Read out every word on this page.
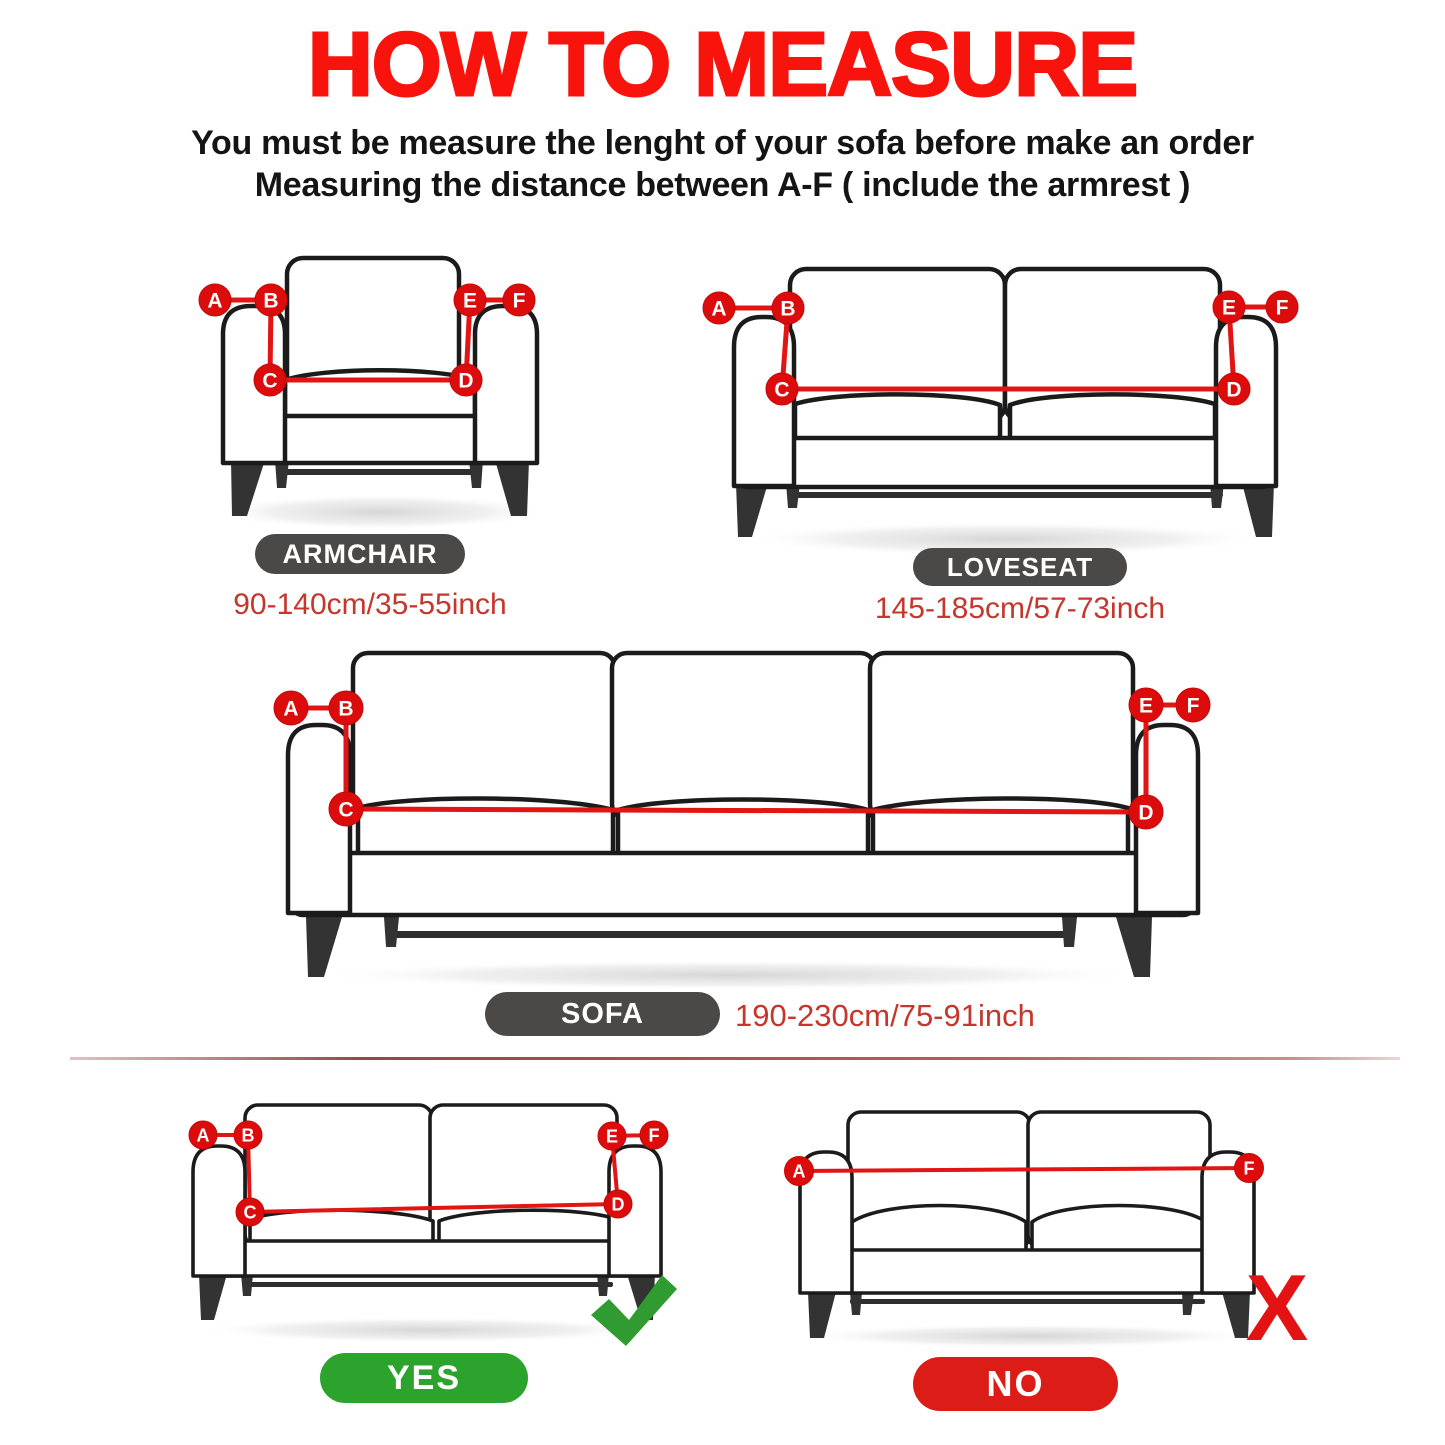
HOW TO MEASURE
You must be measure the lenght of your sofa before make an order
Measuring the distance between A-F ( include the armrest )
A B
C	D
E F	A	B
C	D
E F
A B
C	D
E F
A B
C	D
E F
A	F
X
ARMCHAIR
90-140cm/35-55inch
LOVESEAT
145-185cm/57-73inch
SOFA	190-230cm/75-91inch
YES	NO
